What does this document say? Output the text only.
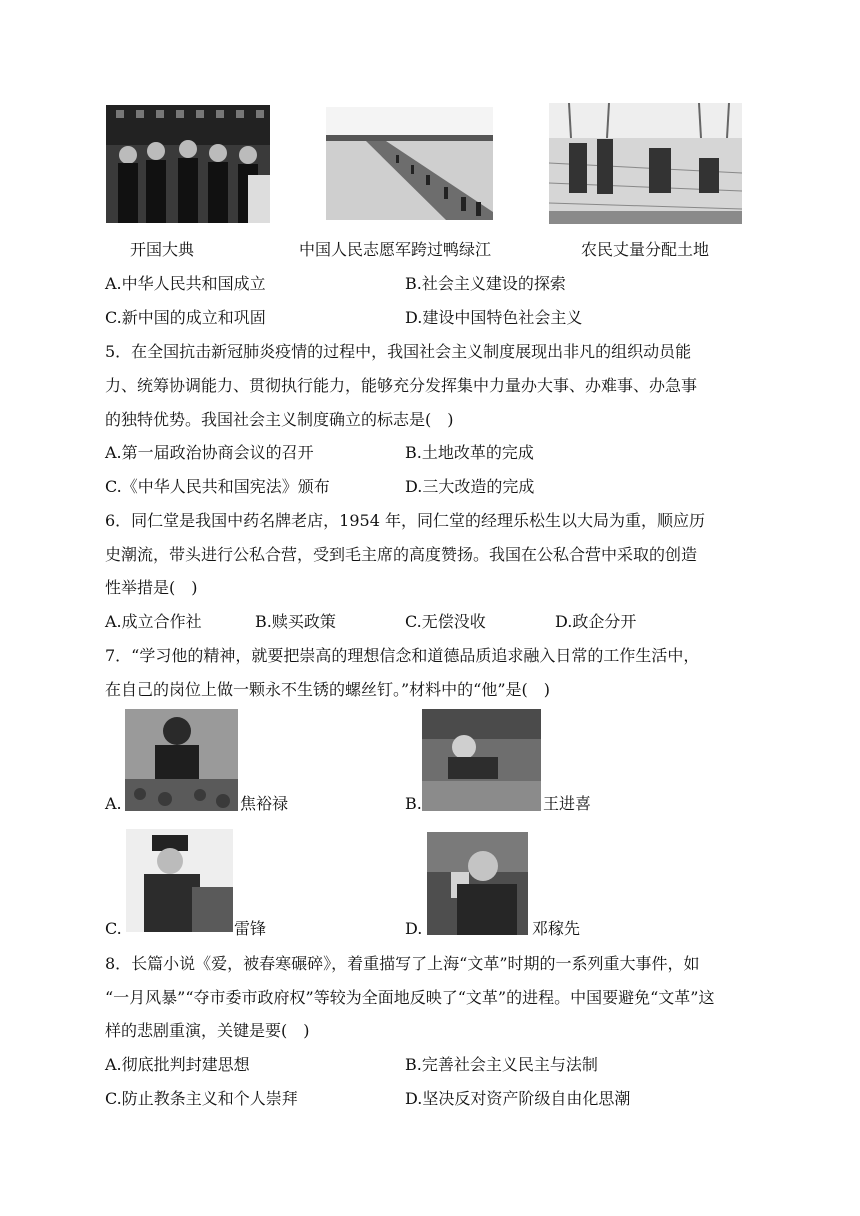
开国大典	中国人民志愿军跨过鸭绿江	农民丈量分配土地
A.中华人民共和国成立	B.社会主义建设的探索
C.新中国的成立和巩固	D.建设中国特色社会主义
5．在全国抗击新冠肺炎疫情的过程中，我国社会主义制度展现出非凡的组织动员能
力、统筹协调能力、贯彻执行能力，能够充分发挥集中力量办大事、办难事、办急事
的独特优势。我国社会主义制度确立的标志是(　)
A.第一届政治协商会议的召开	B.土地改革的完成
C.《中华人民共和国宪法》颁布	D.三大改造的完成
6．同仁堂是我国中药名牌老店，1954 年，同仁堂的经理乐松生以大局为重，顺应历
史潮流，带头进行公私合营，受到毛主席的高度赞扬。我国在公私合营中采取的创造
性举措是(　)
A.成立合作社	B.赎买政策	C.无偿没收	D.政企分开
7．“学习他的精神，就要把崇高的理想信念和道德品质追求融入日常的工作生活中，
在自己的岗位上做一颗永不生锈的螺丝钉。”材料中的“他”是(　)
A.	焦裕禄	B.	王进喜
C.	雷锋	D.	邓稼先
8．长篇小说《爱，被春寒碾碎》，着重描写了上海“文革”时期的一系列重大事件，如
“一月风暴”“夺市委市政府权”等较为全面地反映了“文革”的进程。中国要避免“文革”这
样的悲剧重演，关键是要(　)
A.彻底批判封建思想	B.完善社会主义民主与法制
C.防止教条主义和个人崇拜	D.坚决反对资产阶级自由化思潮
